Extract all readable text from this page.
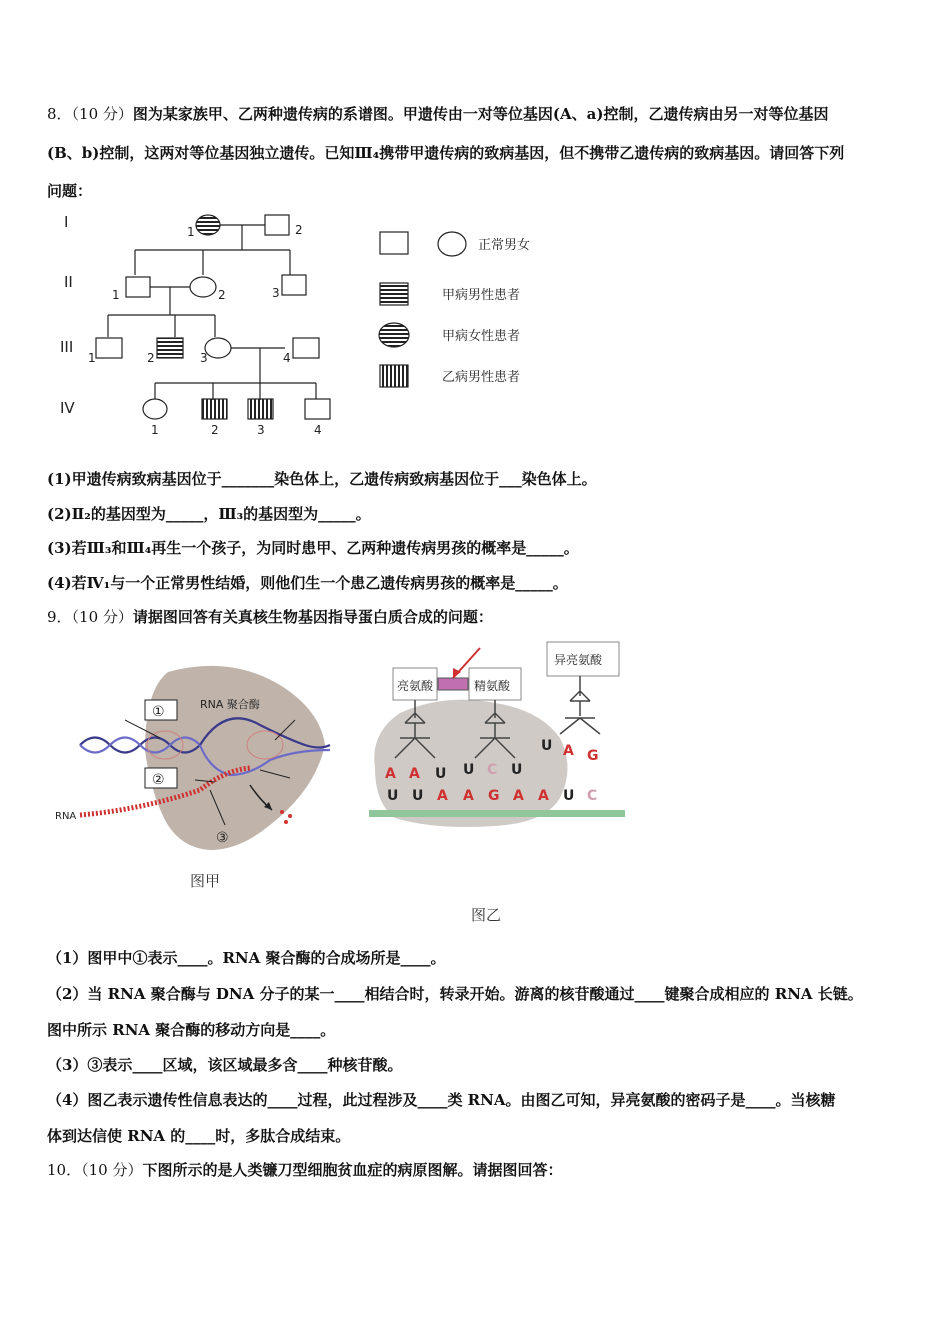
8．（10 分）图为某家族甲、乙两种遗传病的系谱图。甲遗传由一对等位基因(A、a)控制，乙遗传病由另一对等位基因
(B、b)控制，这两对等位基因独立遗传。已知Ⅲ₄携带甲遗传病的致病基因，但不携带乙遗传病的致病基因。请回答下列
问题：
I
II
III
IV
1	2
1	2	3
1	2	3	4
1	2	3	4
正常男女
甲病男性患者
甲病女性患者
乙病男性患者
(1)甲遗传病致病基因位于_______染色体上，乙遗传病致病基因位于___染色体上。
(2)Ⅱ₂的基因型为_____，Ⅲ₃的基因型为_____。
(3)若Ⅲ₃和Ⅲ₄再生一个孩子，为同时患甲、乙两种遗传病男孩的概率是_____。
(4)若Ⅳ₁与一个正常男性结婚，则他们生一个患乙遗传病男孩的概率是_____。
9．（10 分）请据图回答有关真核生物基因指导蛋白质合成的问题：
①
②
③
RNA 聚合酶
RNA
图甲
亮氨酸	精氨酸
异亮氨酸
A A U U C U
U A G
U U A A G A A U C
图乙
（1）图甲中①表示____。RNA 聚合酶的合成场所是____。
（2）当 RNA 聚合酶与 DNA 分子的某一____相结合时，转录开始。游离的核苷酸通过____键聚合成相应的 RNA 长链。
图中所示 RNA 聚合酶的移动方向是____。
（3）③表示____区域，该区域最多含____种核苷酸。
（4）图乙表示遗传性信息表达的____过程，此过程涉及____类 RNA。由图乙可知，异亮氨酸的密码子是____。当核糖
体到达信使 RNA 的____时，多肽合成结束。
10．（10 分）下图所示的是人类镰刀型细胞贫血症的病原图解。请据图回答：
